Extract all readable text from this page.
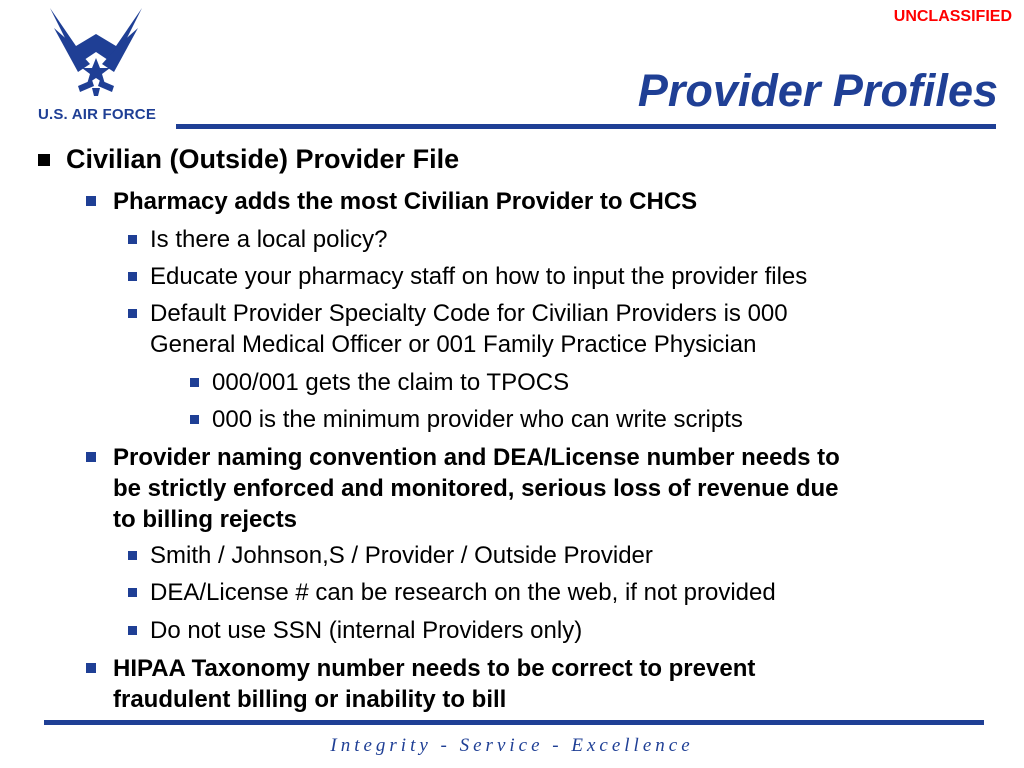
UNCLASSIFIED
U.S. AIR FORCE	Provider Profiles
Civilian (Outside) Provider File
Pharmacy adds the most Civilian Provider to CHCS
Is there a local policy?
Educate your pharmacy staff on how to input the provider files
Default Provider Specialty Code for Civilian Providers is 000
General Medical Officer or 001 Family Practice Physician
000/001 gets the claim to TPOCS
000 is the minimum provider who can write scripts
Provider naming convention and DEA/License number needs to
be strictly enforced and monitored, serious loss of revenue due
to billing rejects
Smith / Johnson,S / Provider / Outside Provider
DEA/License # can be research on the web, if not provided
Do not use SSN (internal Providers only)
HIPAA Taxonomy number needs to be correct to prevent
fraudulent billing or inability to bill
Integrity - Service - Excellence
